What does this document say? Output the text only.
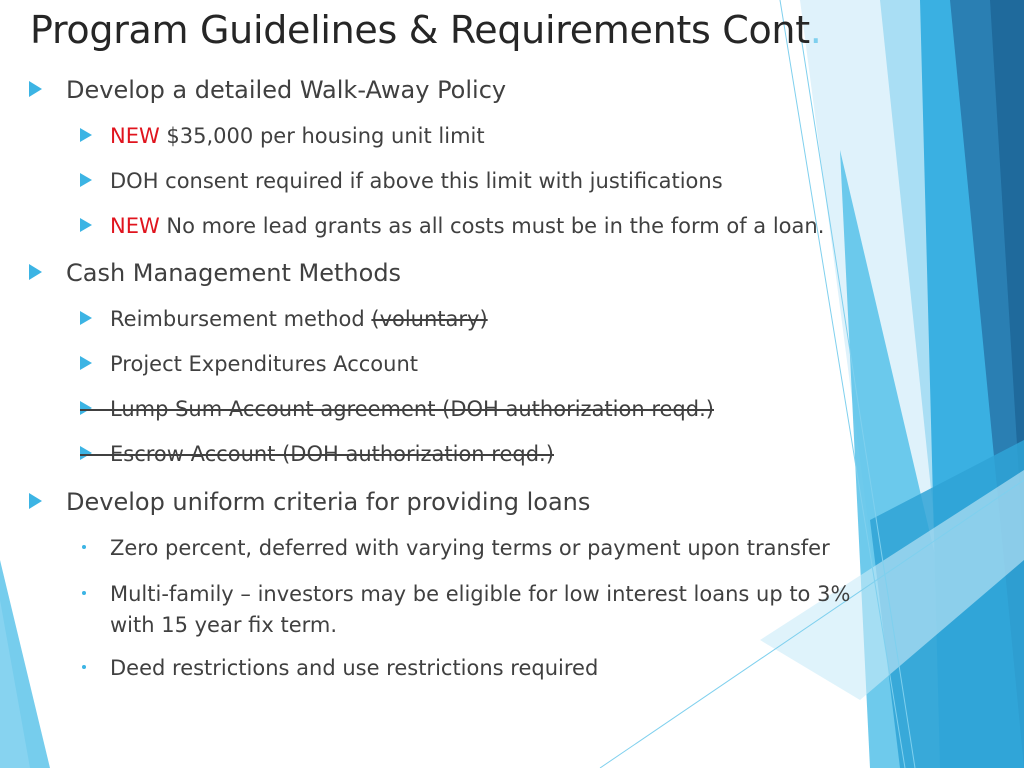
Program Guidelines & Requirements Cont.
Develop a detailed Walk-Away Policy
NEW $35,000 per housing unit limit
DOH consent required if above this limit with justifications
NEW No more lead grants as all costs must be in the form of a loan.
Cash Management Methods
Reimbursement method (voluntary)
Project Expenditures Account
Lump Sum Account agreement (DOH authorization reqd.)
Escrow Account (DOH authorization reqd.)
Develop uniform criteria for providing loans
Zero percent, deferred with varying terms or payment upon transfer
Multi-family – investors may be eligible for low interest loans up to 3%
with 15 year fix term.
Deed restrictions and use restrictions required
